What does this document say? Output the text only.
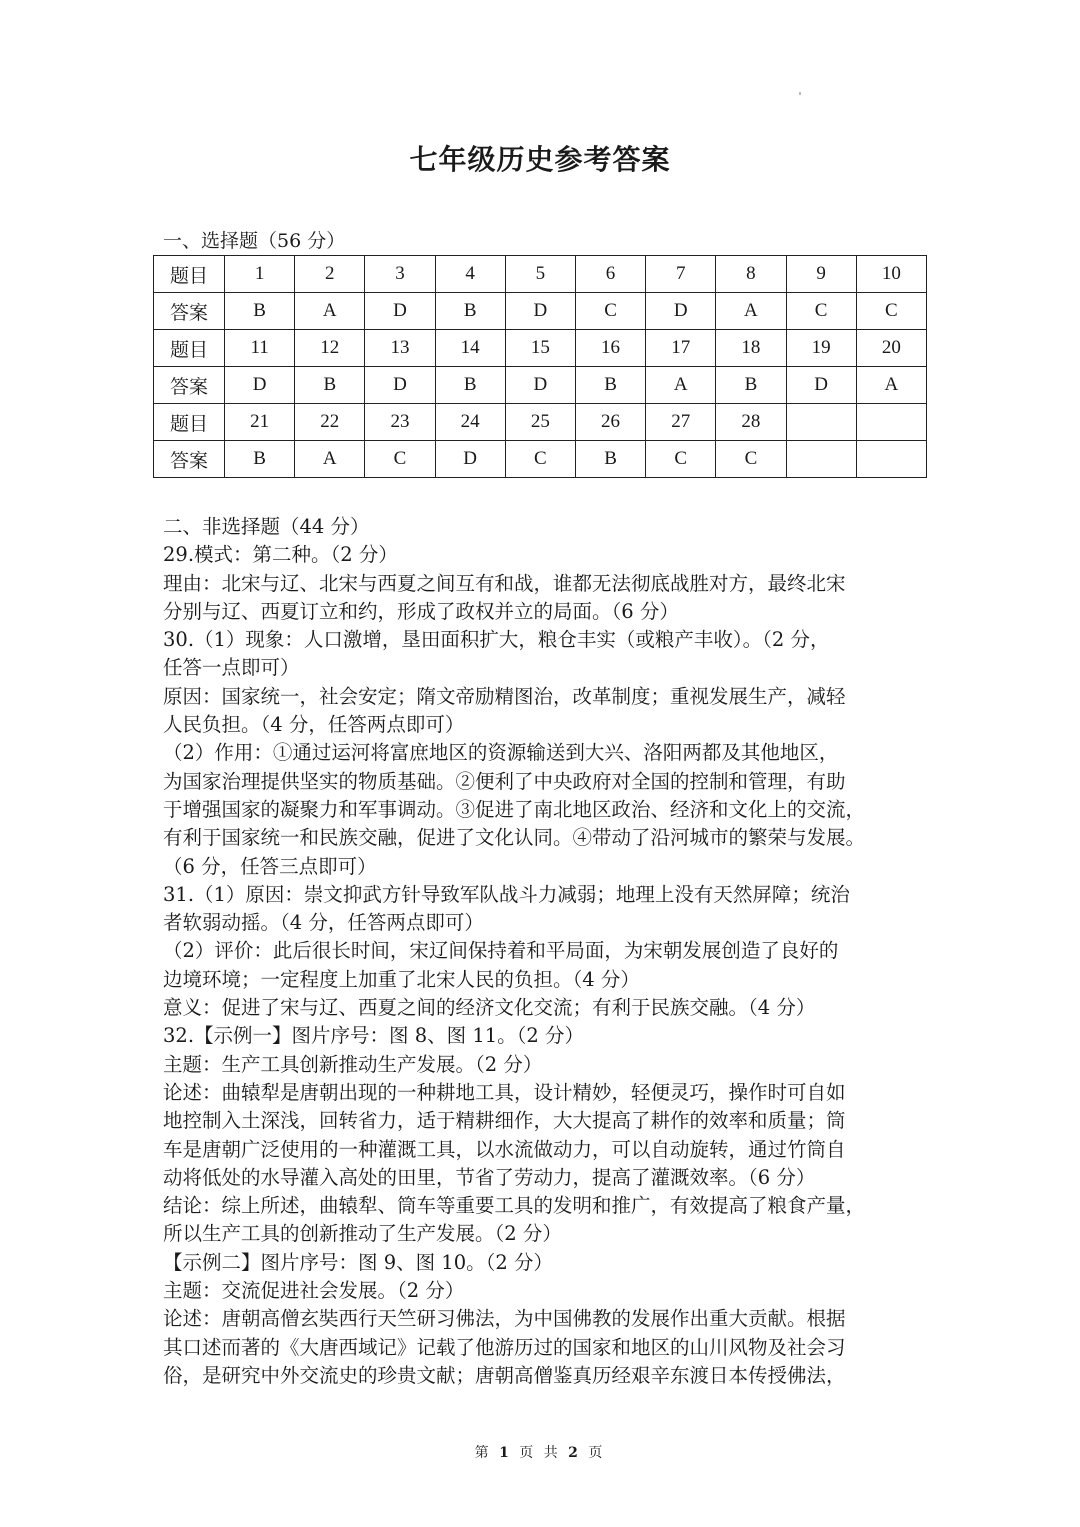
七年级历史参考答案
一、选择题（56 分）
题目	1	2	3	4	5	6	7	8	9	10
答案	B	A	D	B	D	C	D	A	C	C
题目	11	12	13	14	15	16	17	18	19	20
答案	D	B	D	B	D	B	A	B	D	A
题目	21	22	23	24	25	26	27	28		
答案	B	A	C	D	C	B	C	C		

二、非选择题（44 分）

29.模式：第二种。（2 分）

理由：北宋与辽、北宋与西夏之间互有和战，谁都无法彻底战胜对方，最终北宋

分别与辽、西夏订立和约，形成了政权并立的局面。（6 分）

30.（1）现象：人口激增，垦田面积扩大，粮仓丰实（或粮产丰收）。（2 分，

任答一点即可）

原因：国家统一，社会安定；隋文帝励精图治，改革制度；重视发展生产，减轻

人民负担。（4 分，任答两点即可）

（2）作用：①通过运河将富庶地区的资源输送到大兴、洛阳两都及其他地区，

为国家治理提供坚实的物质基础。②便利了中央政府对全国的控制和管理，有助

于增强国家的凝聚力和军事调动。③促进了南北地区政治、经济和文化上的交流，

有利于国家统一和民族交融，促进了文化认同。④带动了沿河城市的繁荣与发展。

（6 分，任答三点即可）

31.（1）原因：崇文抑武方针导致军队战斗力减弱；地理上没有天然屏障；统治

者软弱动摇。（4 分，任答两点即可）

（2）评价：此后很长时间，宋辽间保持着和平局面，为宋朝发展创造了良好的

边境环境；一定程度上加重了北宋人民的负担。（4 分）

意义：促进了宋与辽、西夏之间的经济文化交流；有利于民族交融。（4 分）

32.【示例一】图片序号：图 8、图 11。（2 分）

主题：生产工具创新推动生产发展。（2 分）

论述：曲辕犁是唐朝出现的一种耕地工具，设计精妙，轻便灵巧，操作时可自如

地控制入土深浅，回转省力，适于精耕细作，大大提高了耕作的效率和质量；筒

车是唐朝广泛使用的一种灌溉工具，以水流做动力，可以自动旋转，通过竹筒自

动将低处的水导灌入高处的田里，节省了劳动力，提高了灌溉效率。（6 分）

结论：综上所述，曲辕犁、筒车等重要工具的发明和推广，有效提高了粮食产量，

所以生产工具的创新推动了生产发展。（2 分）

【示例二】图片序号：图 9、图 10。（2 分）

主题：交流促进社会发展。（2 分）

论述：唐朝高僧玄奘西行天竺研习佛法，为中国佛教的发展作出重大贡献。根据

其口述而著的《大唐西域记》记载了他游历过的国家和地区的山川风物及社会习

俗，是研究中外交流史的珍贵文献；唐朝高僧鉴真历经艰辛东渡日本传授佛法，

第 1 页 共 2 页
